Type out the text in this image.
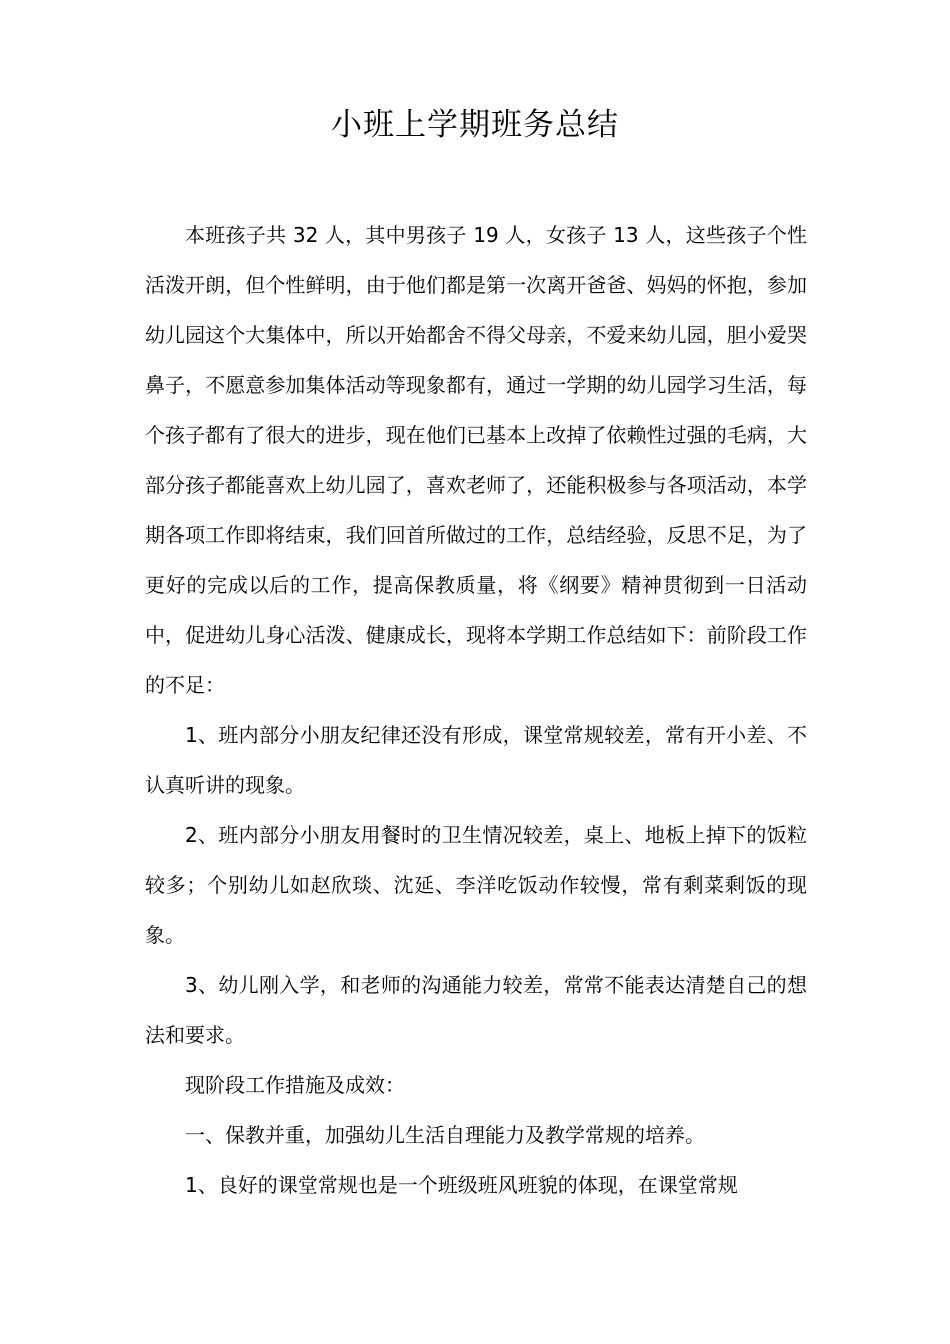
小班上学期班务总结

本班孩子共 32 人，其中男孩子 19 人，女孩子 13 人，这些孩子个性活泼开朗，但个性鲜明，由于他们都是第一次离开爸爸、妈妈的怀抱，参加幼儿园这个大集体中，所以开始都舍不得父母亲，不爱来幼儿园，胆小爱哭鼻子，不愿意参加集体活动等现象都有，通过一学期的幼儿园学习生活，每个孩子都有了很大的进步，现在他们已基本上改掉了依赖性过强的毛病，大部分孩子都能喜欢上幼儿园了，喜欢老师了，还能积极参与各项活动，本学期各项工作即将结束，我们回首所做过的工作，总结经验，反思不足，为了更好的完成以后的工作，提高保教质量，将《纲要》精神贯彻到一日活动中，促进幼儿身心活泼、健康成长，现将本学期工作总结如下：前阶段工作的不足：

1、班内部分小朋友纪律还没有形成，课堂常规较差，常有开小差、不认真听讲的现象。

2、班内部分小朋友用餐时的卫生情况较差，桌上、地板上掉下的饭粒较多；个别幼儿如赵欣琰、沈延、李洋吃饭动作较慢，常有剩菜剩饭的现象。

3、幼儿刚入学，和老师的沟通能力较差，常常不能表达清楚自己的想法和要求。

现阶段工作措施及成效：

一、保教并重，加强幼儿生活自理能力及教学常规的培养。

1、良好的课堂常规也是一个班级班风班貌的体现，在课堂常规
